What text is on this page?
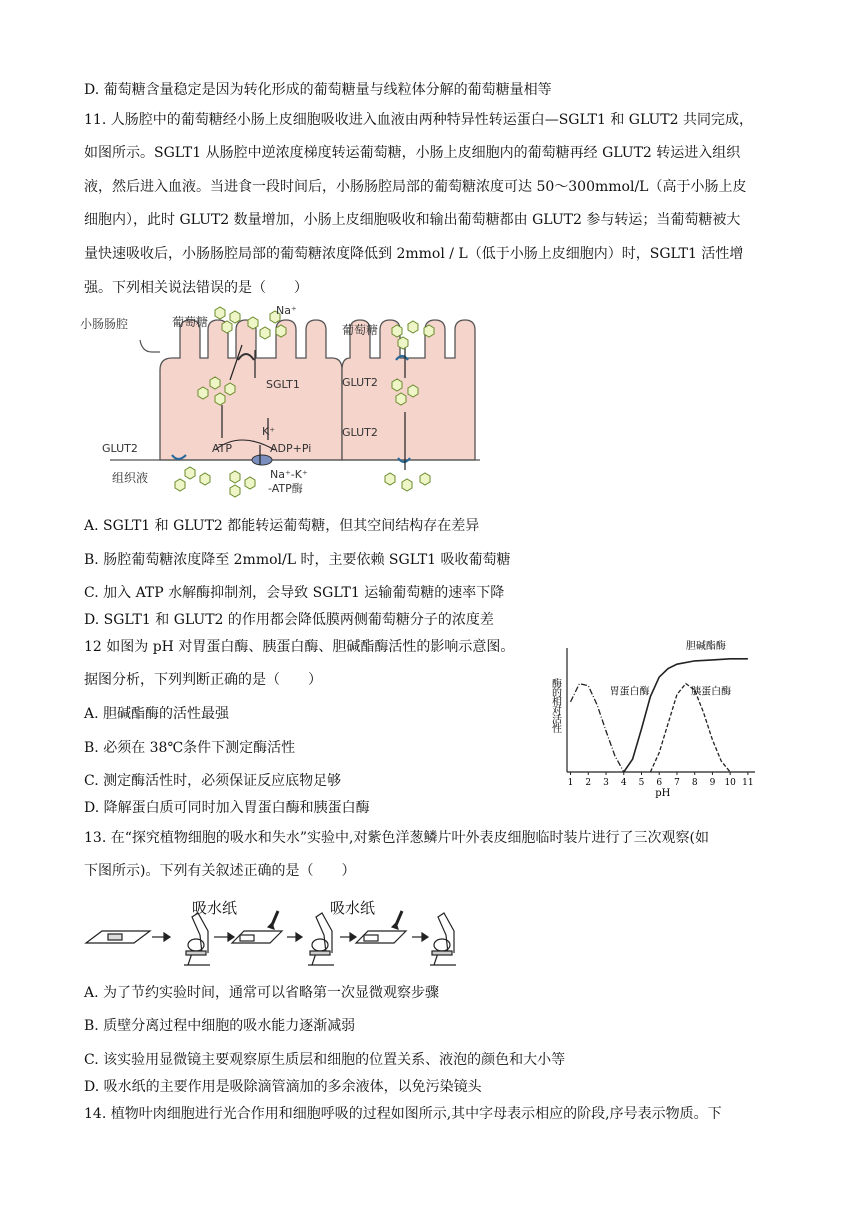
D. 葡萄糖含量稳定是因为转化形成的葡萄糖量与线粒体分解的葡萄糖量相等
11. 人肠腔中的葡萄糖经小肠上皮细胞吸收进入血液由两种特异性转运蛋白—SGLT1 和 GLUT2 共同完成，
如图所示。SGLT1 从肠腔中逆浓度梯度转运葡萄糖，小肠上皮细胞内的葡萄糖再经 GLUT2 转运进入组织
液，然后进入血液。当进食一段时间后，小肠肠腔局部的葡萄糖浓度可达 50～300mmol/L（高于小肠上皮
细胞内），此时 GLUT2 数量增加，小肠上皮细胞吸收和输出葡萄糖都由 GLUT2 参与转运；当葡萄糖被大
量快速吸收后，小肠肠腔局部的葡萄糖浓度降低到 2mmol / L（低于小肠上皮细胞内）时，SGLT1 活性增
强。下列相关说法错误的是（　　）
小肠肠腔	葡萄糖
Na⁺
葡萄糖
SGLT1	GLUT2
GLUT2
K⁺
ATP	ADP+Pi
GLUT2
组织液	Na⁺-K⁺
-ATP酶
A. SGLT1 和 GLUT2 都能转运葡萄糖，但其空间结构存在差异
B. 肠腔葡萄糖浓度降至 2mmol/L 时，主要依赖 SGLT1 吸收葡萄糖
C. 加入 ATP 水解酶抑制剂，会导致 SGLT1 运输葡萄糖的速率下降
D. SGLT1 和 GLUT2 的作用都会降低膜两侧葡萄糖分子的浓度差
12 如图为 pH 对胃蛋白酶、胰蛋白酶、胆碱酯酶活性的影响示意图。
据图分析，下列判断正确的是（　　）
A. 胆碱酯酶的活性最强
B. 必须在 38℃条件下测定酶活性
C. 测定酶活性时，必须保证反应底物足够
D. 降解蛋白质可同时加入胃蛋白酶和胰蛋白酶
1 2 3 4 5 6 7 8 9 10 11
pH
酶的相对活性	胃蛋白酶	胰蛋白酶
胆碱酯酶
13. 在“探究植物细胞的吸水和失水”实验中,对紫色洋葱鳞片叶外表皮细胞临时装片进行了三次观察(如
下图所示)。下列有关叙述正确的是（　　）
吸水纸	吸水纸
A. 为了节约实验时间，通常可以省略第一次显微观察步骤
B. 质壁分离过程中细胞的吸水能力逐渐减弱
C. 该实验用显微镜主要观察原生质层和细胞的位置关系、液泡的颜色和大小等
D. 吸水纸的主要作用是吸除滴管滴加的多余液体，以免污染镜头
14. 植物叶肉细胞进行光合作用和细胞呼吸的过程如图所示,其中字母表示相应的阶段,序号表示物质。下
